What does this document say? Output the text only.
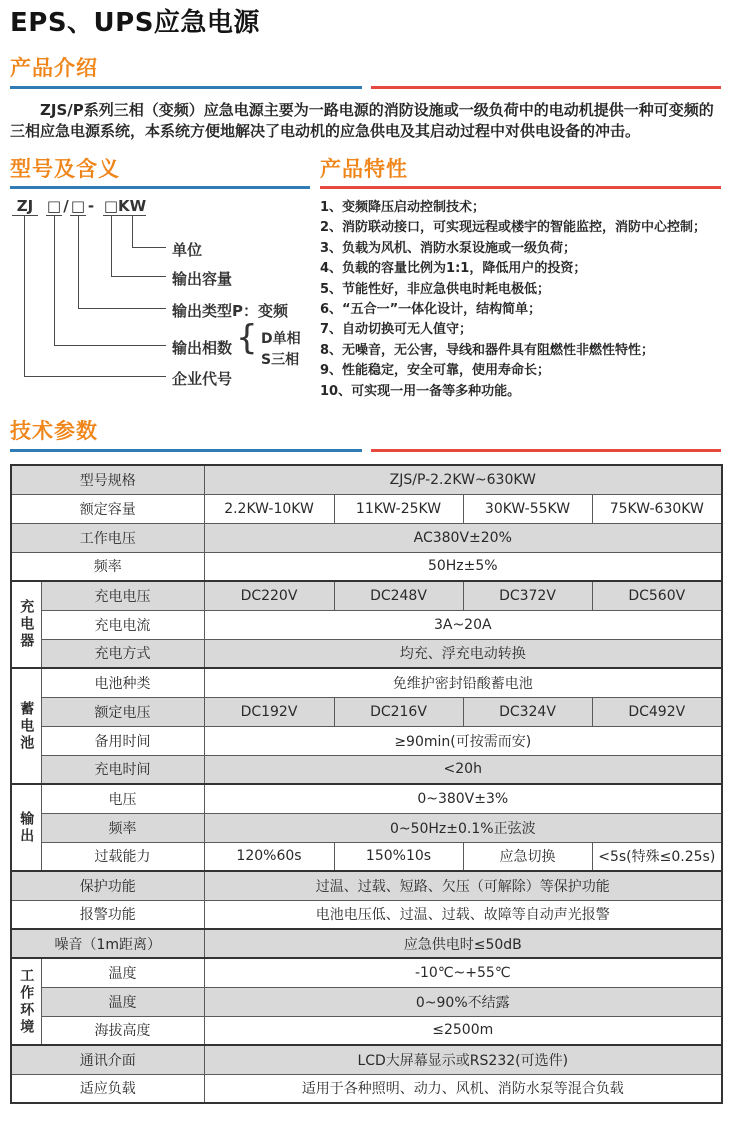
EPS、UPS应急电源
产品介绍
ZJS/P系列三相（变频）应急电源主要为一路电源的消防设施或一级负荷中的电动机提供一种可变频的三相应急电源系统，本系统方便地解决了电动机的应急供电及其启动过程中对供电设备的冲击。
型号及含义
ZJ □ / □ - □ KW
单位
输出容量
输出类型P：变频
输出相数 { D单相
S三相
企业代号
产品特性
1、变频降压启动控制技术；
2、消防联动接口，可实现远程或楼宇的智能监控，消防中心控制；
3、负载为风机、消防水泵设施或一级负荷；
4、负载的容量比例为1:1，降低用户的投资；
5、节能性好，非应急供电时耗电极低；
6、“五合一”一体化设计，结构简单；
7、自动切换可无人值守；
8、无噪音，无公害，导线和器件具有阻燃性非燃性特性；
9、性能稳定，安全可靠，使用寿命长；
10、可实现一用一备等多种功能。
技术参数
型号规格		ZJS/P-2.2KW~630KW			
额定容量		2.2KW-10KW	11KW-25KW	30KW-55KW	75KW-630KW
工作电压		AC380V±20%			
频率		50Hz±5%			
充电器	充电电压	DC220V	DC248V	DC372V	DC560V
	充电电流	3A~20A			
	充电方式	均充、浮充电动转换			
蓄电池	电池种类	免维护密封铅酸蓄电池			
	额定电压	DC192V	DC216V	DC324V	DC492V
	备用时间	≥90min(可按需而安)			
	充电时间	<20h			
输出	电压	0~380V±3%			
	频率	0~50Hz±0.1%正弦波			
	过载能力	120%60s	150%10s	应急切换	<5s(特殊≤0.25s)
保护功能		过温、过载、短路、欠压（可解除）等保护功能			
报警功能		电池电压低、过温、过载、故障等自动声光报警			
噪音（1m距离）		应急供电时≤50dB			
工作环境	温度	-10℃~+55℃			
	温度	0~90%不结露			
	海拔高度	≤2500m			
通讯介面		LCD大屏幕显示或RS232(可选件)			
适应负载		适用于各种照明、动力、风机、消防水泵等混合负载			
